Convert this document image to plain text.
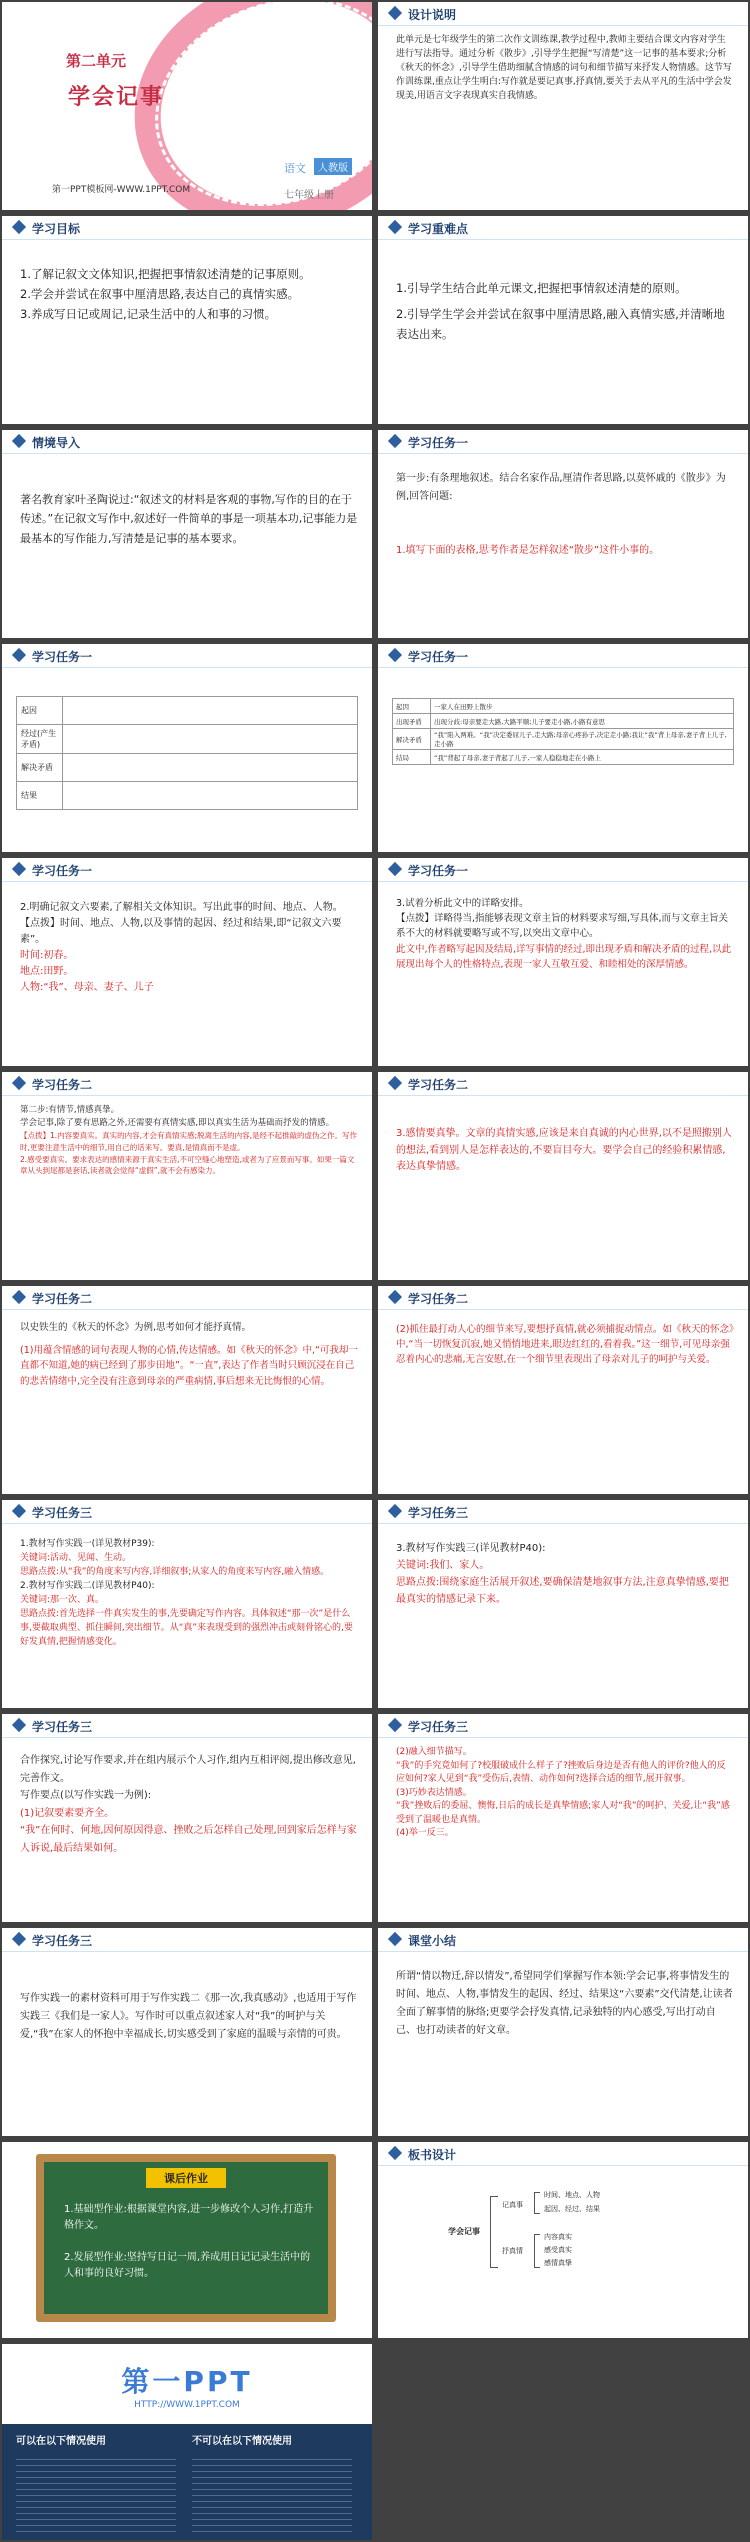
第二单元
学会记事
第一PPT模板网-WWW.1PPT.COM
语文	人教版
七年级上册
设计说明
此单元是七年级学生的第二次作文训练课,教学过程中,教师主要结合课文内容对学生进行写法指导。通过分析《散步》,引导学生把握“写清楚”这一记事的基本要求;分析《秋天的怀念》,引导学生借助细腻含情感的词句和细节描写来抒发人物情感。这节写作训练课,重点让学生明白:写作就是要记真事,抒真情,要关于去从平凡的生活中学会发现美,用语言文字表现真实自我情感。
学习目标
1.了解记叙文文体知识,把握把事情叙述清楚的记事原则。
2.学会并尝试在叙事中厘清思路,表达自己的真情实感。
3.养成写日记或周记,记录生活中的人和事的习惯。
学习重难点
1.引导学生结合此单元课文,把握把事情叙述清楚的原则。
2.引导学生学会并尝试在叙事中厘清思路,融入真情实感,并清晰地表达出来。
情境导入
著名教育家叶圣陶说过:“叙述文的材料是客观的事物,写作的目的在于传述。”在记叙文写作中,叙述好一件简单的事是一项基本功,记事能力是最基本的写作能力,写清楚是记事的基本要求。
学习任务一
第一步:有条理地叙述。结合名家作品,厘清作者思路,以莫怀戚的《散步》为例,回答问题:
1.填写下面的表格,思考作者是怎样叙述“散步”这件小事的。
学习任务一
起因	
经过(产生矛盾)	
解决矛盾	
结果	
学习任务一
起因	一家人在田野上散步
出现矛盾	出现分歧:母亲要走大路,大路平顺;儿子要走小路,小路有意思
解决矛盾	“我”陷入两难。“我”决定委屈儿子,走大路;母亲心疼孙子,决定走小路;我让“我”背上母亲,妻子背上儿子,走小路
结局	“我”背起了母亲,妻子背起了儿子,一家人稳稳地走在小路上
学习任务一
2.明确记叙文六要素,了解相关文体知识。写出此事的时间、地点、人物。
【点拨】时间、地点、人物,以及事情的起因、经过和结果,即“记叙文六要素”。
时间:初春。
地点:田野。
人物:“我”、母亲、妻子、儿子
学习任务一
3.试着分析此文中的详略安排。
【点拨】详略得当,指能够表现文章主旨的材料要求写细,写具体,而与文章主旨关系不大的材料就要略写或不写,以突出文章中心。
此文中,作者略写起因及结局,详写事情的经过,即出现矛盾和解决矛盾的过程,以此展现出每个人的性格特点,表现一家人互敬互爱、和睦相处的深厚情感。
学习任务二
第二步:有情节,情感真挚。
学会记事,除了要有思路之外,还需要有真情实感,即以真实生活为基础而抒发的情感。
【点拨】1.内容要真实。真实的内容,才会有真情实感;脱离生活的内容,是经不起推敲的虚伪之作。写作时,更要注意生活中的细节,用自己的话来写。要真,是情真而不是虚。
2.感受要真实。要求表达的感情来源于真实生活,不可空缝心地塑造,或者为了应景而写事。如果一篇文章从头到尾都是套话,读者就会觉得“虚假”,就不会有感染力。
学习任务二
3.感情要真挚。文章的真情实感,应该是来自真诚的内心世界,以不是照搬别人的想法,看到别人是怎样表达的,不要盲目夸大。要学会自己的经验积累情感,表达真挚情感。
学习任务二
以史铁生的《秋天的怀念》为例,思考如何才能抒真情。
(1)用蕴含情感的词句表现人物的心情,传达情感。如《秋天的怀念》中,“可我却一直都不知道,她的病已经到了那步田地”。“一直”,表达了作者当时只顾沉浸在自己的悲苦情绪中,完全没有注意到母亲的严重病情,事后想来无比悔恨的心情。
学习任务二
(2)抓住最打动人心的细节来写,要想抒真情,就必须捕捉动情点。如《秋天的怀念》中,“当一切恢复沉寂,她又悄悄地进来,眼边红红的,看着我。”这一细节,可见母亲强忍着内心的悲痛,无言安慰,在一个细节里表现出了母亲对儿子的呵护与关爱。
学习任务三
1.教材写作实践一(详见教材P39):
关键词:活动、见闻、生动。
思路点拨:从“我”的角度来写内容,详细叙事;从家人的角度来写内容,融入情感。
2.教材写作实践二(详见教材P40):
关键词:那一次、真。
思路点拨:首先选择一件真实发生的事,先要确定写作内容。具体叙述“那一次”是什么事,要截取典型、抓住瞬间,突出细节。从“真”来表现受到的强烈冲击或刻骨铭心的,要好发真情,把握情感变化。
学习任务三
3.教材写作实践三(详见教材P40):
关键词:我们、家人。
思路点拨:围绕家庭生活展开叙述,要确保清楚地叙事方法,注意真挚情感,要把最真实的情感记录下来。
学习任务三
合作探究,讨论写作要求,并在组内展示个人习作,组内互相评阅,提出修改意见,完善作文。
写作要点(以写作实践一为例):
(1)记叙要素要齐全。
“我”在何时、何地,因何原因得意、挫败之后怎样自己处理,回到家后怎样与家人诉说,最后结果如何。
学习任务三
(2)融入细节描写。
“我”的手究竟如何了?校服破成什么样子了?挫败后身边是否有他人的评价?他人的反应如何?家人见到“我”受伤后,表情、动作如何?选择合适的细节,展开叙事。
(3)巧妙表达情感。
“我”挫败后的委屈、懊悔,日后的成长是真挚情感;家人对“我”的呵护、关爱,让“我”感受到了温暖也是真情。
(4)举一反三。
学习任务三
写作实践一的素材资料可用于写作实践二《那一次,我真感动》,也适用于写作实践三《我们是一家人》。写作时可以重点叙述家人对“我”的呵护与关爱,“我”在家人的怀抱中幸福成长,切实感受到了家庭的温暖与亲情的可贵。
课堂小结
所谓“情以物迁,辞以情发”,希望同学们掌握写作本领:学会记事,将事情发生的时间、地点、人物,事情发生的起因、经过、结果这“六要素”交代清楚,让读者全面了解事情的脉络;更要学会抒发真情,记录独特的内心感受,写出打动自己、也打动读者的好文章。
课后作业
1.基础型作业:根据课堂内容,进一步修改个人习作,打造升格作文。
2.发展型作业:坚持写日记一周,养成用日记记录生活中的人和事的良好习惯。
板书设计
学会记事
记真事
抒真情
时间、地点、人物
起因、经过、结果
内容真实
感受真实
感情真挚
第一PPT
HTTP://WWW.1PPT.COM
可以在以下情况使用	不可以在以下情况使用
